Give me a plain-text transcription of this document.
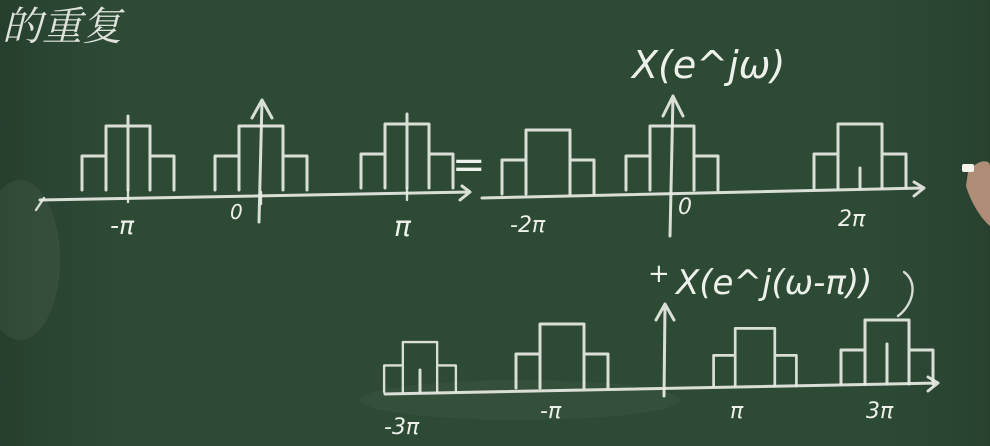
的重复
-π	0	π
=
X(e^jω)
-2π
0	2π
+ X(e^j(ω-π))
-3π
-π	π	3π
